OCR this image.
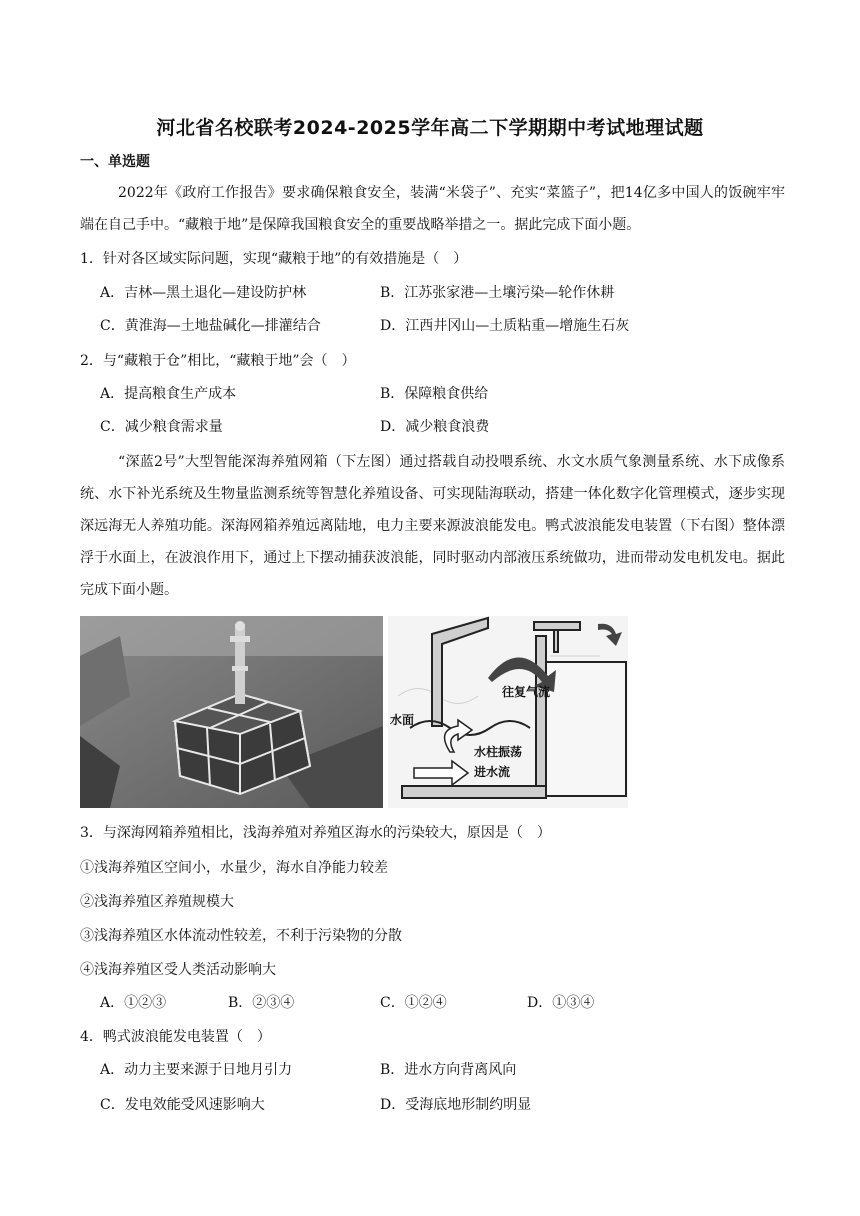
河北省名校联考2024-2025学年高二下学期期中考试地理试题
一、单选题
2022年《政府工作报告》要求确保粮食安全，装满“米袋子”、充实“菜篮子”，把14亿多中国人的饭碗牢牢端在自己手中。“藏粮于地”是保障我国粮食安全的重要战略举措之一。据此完成下面小题。
1．针对各区域实际问题，实现“藏粮于地”的有效措施是（　）
A．吉林—黑土退化—建设防护林	B．江苏张家港—土壤污染—轮作休耕
C．黄淮海—土地盐碱化—排灌结合	D．江西井冈山—土质粘重—增施生石灰
2．与“藏粮于仓”相比，“藏粮于地”会（　）
A．提高粮食生产成本	B．保障粮食供给
C．减少粮食需求量	D．减少粮食浪费
“深蓝2号”大型智能深海养殖网箱（下左图）通过搭载自动投喂系统、水文水质气象测量系统、水下成像系统、水下补光系统及生物量监测系统等智慧化养殖设备、可实现陆海联动，搭建一体化数字化管理模式，逐步实现深远海无人养殖功能。深海网箱养殖远离陆地，电力主要来源波浪能发电。鸭式波浪能发电装置（下右图）整体漂浮于水面上，在波浪作用下，通过上下摆动捕获波浪能，同时驱动内部液压系统做功，进而带动发电机发电。据此完成下面小题。
往复气流
水面
水柱振荡
进水流
3．与深海网箱养殖相比，浅海养殖对养殖区海水的污染较大，原因是（　）
①浅海养殖区空间小，水量少，海水自净能力较差
②浅海养殖区养殖规模大
③浅海养殖区水体流动性较差，不利于污染物的分散
④浅海养殖区受人类活动影响大
A．①②③	B．②③④	C．①②④	D．①③④
4．鸭式波浪能发电装置（　）
A．动力主要来源于日地月引力	B．进水方向背离风向
C．发电效能受风速影响大	D．受海底地形制约明显
